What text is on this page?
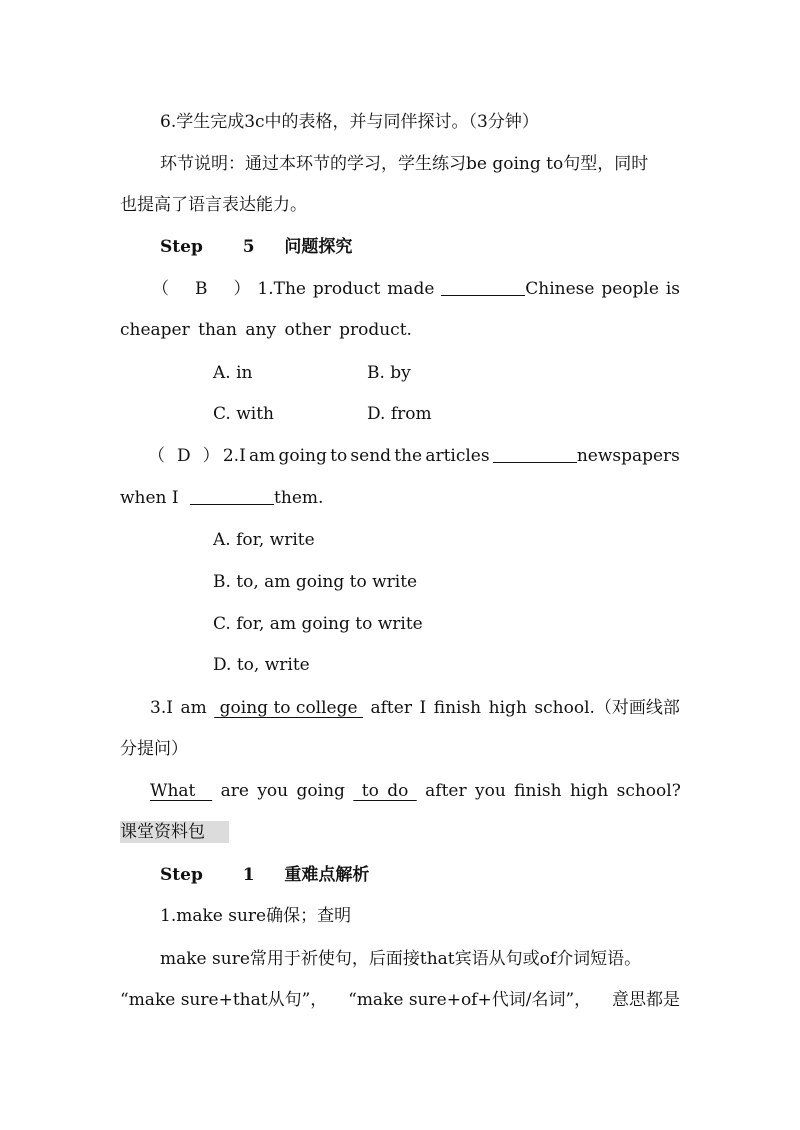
6.学生完成3c中的表格，并与同伴探讨。（3分钟）
环节说明：通过本环节的学习，学生练习be going to句型，同时
也提高了语言表达能力。
Step 5 问题探究
（ B ） 1.The product made	Chinese people is
cheaper than any other product.
A. in	B. by
C. with	D. from
（ D ） 2.I am going to send the articles	newspapers
when I	them.
A. for, write
B. to, am going to write
C. for, am going to write
D. to, write
3.I am going to college after I finish high school.（对画线部
分提问）
What   are you going  to do  after you finish high school?
课堂资料包
Step 1 重难点解析
1.make sure确保；查明
make sure常用于祈使句，后面接that宾语从句或of介词短语。
“make sure+that从句”， “make sure+of+代词/名词”， 意思都是
